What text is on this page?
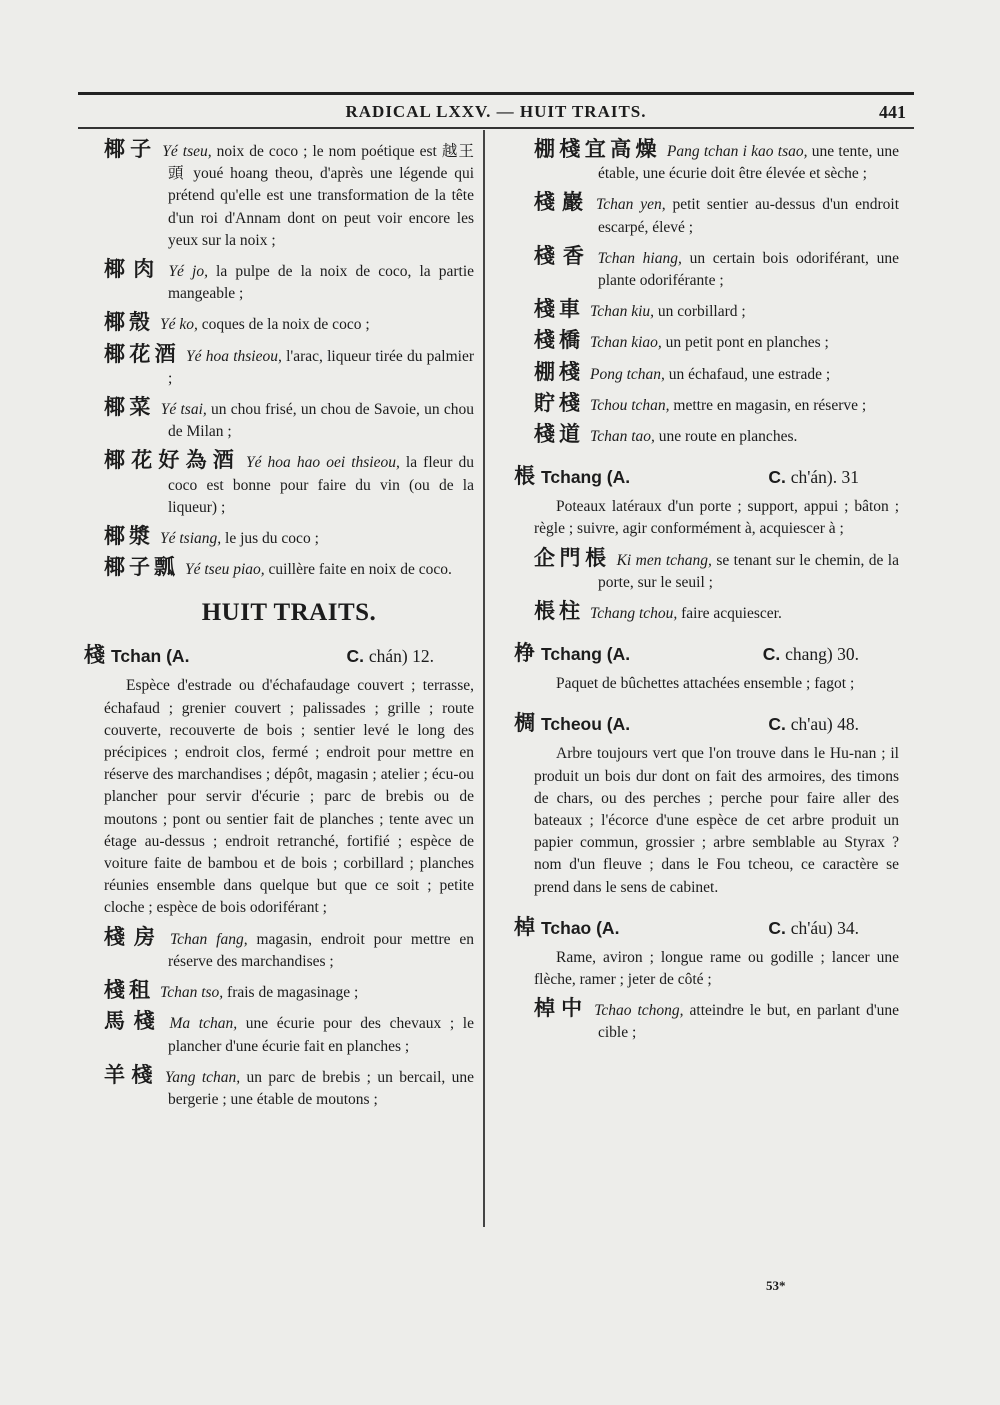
RADICAL LXXV. — HUIT TRAITS.	441
椰子 Yé tseu, noix de coco ; le nom poétique est 越王頭 youé hoang theou, d'après une légende qui prétend qu'elle est une transformation de la tête d'un roi d'Annam dont on peut voir encore les yeux sur la noix ;
椰肉 Yé jo, la pulpe de la noix de coco, la partie mangeable ;
椰殼 Yé ko, coques de la noix de coco ;
椰花酒 Yé hoa thsieou, l'arac, liqueur tirée du palmier ;
椰菜 Yé tsai, un chou frisé, un chou de Savoie, un chou de Milan ;
椰花好為酒 Yé hoa hao oei thsieou, la fleur du coco est bonne pour faire du vin (ou de la liqueur) ;
椰漿 Yé tsiang, le jus du coco ;
椰子瓢 Yé tseu piao, cuillère faite en noix de coco.
HUIT TRAITS.
棧 Tchan (A.	C. chán) 12.
Espèce d'estrade ou d'échafaudage couvert ; terrasse, échafaud ; grenier couvert ; palissades ; grille ; route couverte, recouverte de bois ; sentier levé le long des précipices ; endroit clos, fermé ; endroit pour mettre en réserve des marchandises ; dépôt, magasin ; atelier ; écu-ou plancher pour servir d'écurie ; parc de brebis ou de moutons ; pont ou sentier fait de planches ; tente avec un étage au-dessus ; endroit retranché, fortifié ; espèce de voiture faite de bambou et de bois ; corbillard ; planches réunies ensemble dans quelque but que ce soit ; petite cloche ; espèce de bois odoriférant ;
棧房 Tchan fang, magasin, endroit pour mettre en réserve des marchandises ;
棧租 Tchan tso, frais de magasinage ;
馬棧 Ma tchan, une écurie pour des chevaux ; le plancher d'une écurie fait en planches ;
羊棧 Yang tchan, un parc de brebis ; un bercail, une bergerie ; une étable de moutons ;
棚棧宜高燥 Pang tchan i kao tsao, une tente, une étable, une écurie doit être élevée et sèche ;
棧巖 Tchan yen, petit sentier au-dessus d'un endroit escarpé, élevé ;
棧香 Tchan hiang, un certain bois odoriférant, une plante odoriférante ;
棧車 Tchan kiu, un corbillard ;
棧橋 Tchan kiao, un petit pont en planches ;
棚棧 Pong tchan, un échafaud, une estrade ;
貯棧 Tchou tchan, mettre en magasin, en réserve ;
棧道 Tchan tao, une route en planches.
棖 Tchang (A.	C. ch'án). 31
Poteaux latéraux d'un porte ; support, appui ; bâton ; règle ; suivre, agir conformément à, acquiescer à ;
企門棖 Ki men tchang, se tenant sur le chemin, de la porte, sur le seuil ;
棖柱 Tchang tchou, faire acquiescer.
棦 Tchang (A.	C. chang) 30.
Paquet de bûchettes attachées ensemble ; fagot ;
椆 Tcheou (A.	C. ch'au) 48.
Arbre toujours vert que l'on trouve dans le Hu-nan ; il produit un bois dur dont on fait des armoires, des timons de chars, ou des perches ; perche pour faire aller des bateaux ; l'écorce d'une espèce de cet arbre produit un papier commun, grossier ; arbre semblable au Styrax ? nom d'un fleuve ; dans le Fou tcheou, ce caractère se prend dans le sens de cabinet.
棹 Tchao (A.	C. ch'áu) 34.
Rame, aviron ; longue rame ou godille ; lancer une flèche, ramer ; jeter de côté ;
棹中 Tchao tchong, atteindre le but, en parlant d'une cible ;
53*
